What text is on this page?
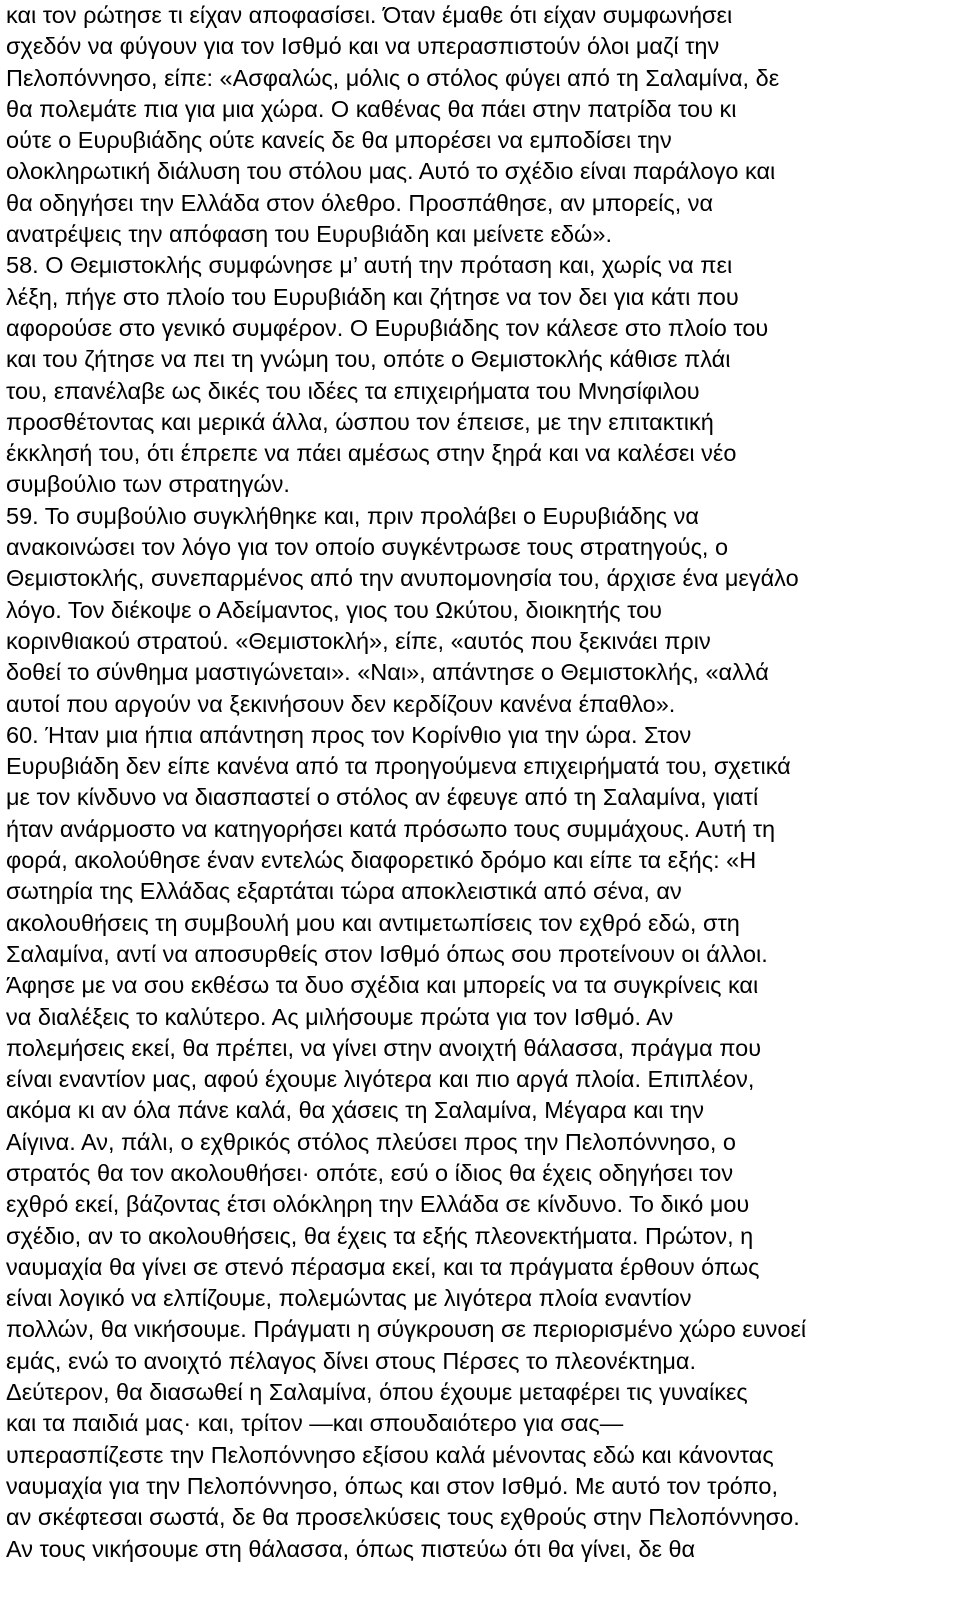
και τον ρώτησε τι είχαν αποφασίσει. Όταν έμαθε ότι είχαν συμφωνήσει
σχεδόν να φύγουν για τον Ισθμό και να υπερασπιστούν όλοι μαζί την
Πελοπόννησο, είπε: «Ασφαλώς, μόλις ο στόλος φύγει από τη Σαλαμίνα, δε
θα πολεμάτε πια για μια χώρα. Ο καθένας θα πάει στην πατρίδα του κι
ούτε ο Ευρυβιάδης ούτε κανείς δε θα μπορέσει να εμποδίσει την
ολοκληρωτική διάλυση του στόλου μας. Αυτό το σχέδιο είναι παράλογο και
θα οδηγήσει την Ελλάδα στον όλεθρο. Προσπάθησε, αν μπορείς, να
ανατρέψεις την απόφαση του Ευρυβιάδη και μείνετε εδώ».
58. Ο Θεμιστοκλής συμφώνησε μ’ αυτή την πρόταση και, χωρίς να πει
λέξη, πήγε στο πλοίο του Ευρυβιάδη και ζήτησε να τον δει για κάτι που
αφορούσε στο γενικό συμφέρον. Ο Ευρυβιάδης τον κάλεσε στο πλοίο του
και του ζήτησε να πει τη γνώμη του, οπότε ο Θεμιστοκλής κάθισε πλάι
του, επανέλαβε ως δικές του ιδέες τα επιχειρήματα του Μνησίφιλου
προσθέτοντας και μερικά άλλα, ώσπου τον έπεισε, με την επιτακτική
έκκλησή του, ότι έπρεπε να πάει αμέσως στην ξηρά και να καλέσει νέο
συμβούλιο των στρατηγών.
59. Το συμβούλιο συγκλήθηκε και, πριν προλάβει ο Ευρυβιάδης να
ανακοινώσει τον λόγο για τον οποίο συγκέντρωσε τους στρατηγούς, ο
Θεμιστοκλής, συνεπαρμένος από την ανυπομονησία του, άρχισε ένα μεγάλο
λόγο. Τον διέκοψε ο Αδείμαντος, γιος του Ωκύτου, διοικητής του
κορινθιακού στρατού. «Θεμιστοκλή», είπε, «αυτός που ξεκινάει πριν
δοθεί το σύνθημα μαστιγώνεται». «Ναι», απάντησε ο Θεμιστοκλής, «αλλά
αυτοί που αργούν να ξεκινήσουν δεν κερδίζουν κανένα έπαθλο».
60. Ήταν μια ήπια απάντηση προς τον Κορίνθιο για την ώρα. Στον
Ευρυβιάδη δεν είπε κανένα από τα προηγούμενα επιχειρήματά του, σχετικά
με τον κίνδυνο να διασπαστεί ο στόλος αν έφευγε από τη Σαλαμίνα, γιατί
ήταν ανάρμοστο να κατηγορήσει κατά πρόσωπο τους συμμάχους. Αυτή τη
φορά, ακολούθησε έναν εντελώς διαφορετικό δρόμο και είπε τα εξής: «Η
σωτηρία της Ελλάδας εξαρτάται τώρα αποκλειστικά από σένα, αν
ακολουθήσεις τη συμβουλή μου και αντιμετωπίσεις τον εχθρό εδώ, στη
Σαλαμίνα, αντί να αποσυρθείς στον Ισθμό όπως σου προτείνουν οι άλλοι.
Άφησε με να σου εκθέσω τα δυο σχέδια και μπορείς να τα συγκρίνεις και
να διαλέξεις το καλύτερο. Ας μιλήσουμε πρώτα για τον Ισθμό. Αν
πολεμήσεις εκεί, θα πρέπει, να γίνει στην ανοιχτή θάλασσα, πράγμα που
είναι εναντίον μας, αφού έχουμε λιγότερα και πιο αργά πλοία. Επιπλέον,
ακόμα κι αν όλα πάνε καλά, θα χάσεις τη Σαλαμίνα, Μέγαρα και την
Αίγινα. Αν, πάλι, ο εχθρικός στόλος πλεύσει προς την Πελοπόννησο, ο
στρατός θα τον ακολουθήσει· οπότε, εσύ ο ίδιος θα έχεις οδηγήσει τον
εχθρό εκεί, βάζοντας έτσι ολόκληρη την Ελλάδα σε κίνδυνο. Το δικό μου
σχέδιο, αν το ακολουθήσεις, θα έχεις τα εξής πλεονεκτήματα. Πρώτον, η
ναυμαχία θα γίνει σε στενό πέρασμα εκεί, και τα πράγματα έρθουν όπως
είναι λογικό να ελπίζουμε, πολεμώντας με λιγότερα πλοία εναντίον
πολλών, θα νικήσουμε. Πράγματι η σύγκρουση σε περιορισμένο χώρο ευνοεί
εμάς, ενώ το ανοιχτό πέλαγος δίνει στους Πέρσες το πλεονέκτημα.
Δεύτερον, θα διασωθεί η Σαλαμίνα, όπου έχουμε μεταφέρει τις γυναίκες
και τα παιδιά μας· και, τρίτον —και σπουδαιότερο για σας—
υπερασπίζεστε την Πελοπόννησο εξίσου καλά μένοντας εδώ και κάνοντας
ναυμαχία για την Πελοπόννησο, όπως και στον Ισθμό. Με αυτό τον τρόπο,
αν σκέφτεσαι σωστά, δε θα προσελκύσεις τους εχθρούς στην Πελοπόννησο.
Αν τους νικήσουμε στη θάλασσα, όπως πιστεύω ότι θα γίνει, δε θα
